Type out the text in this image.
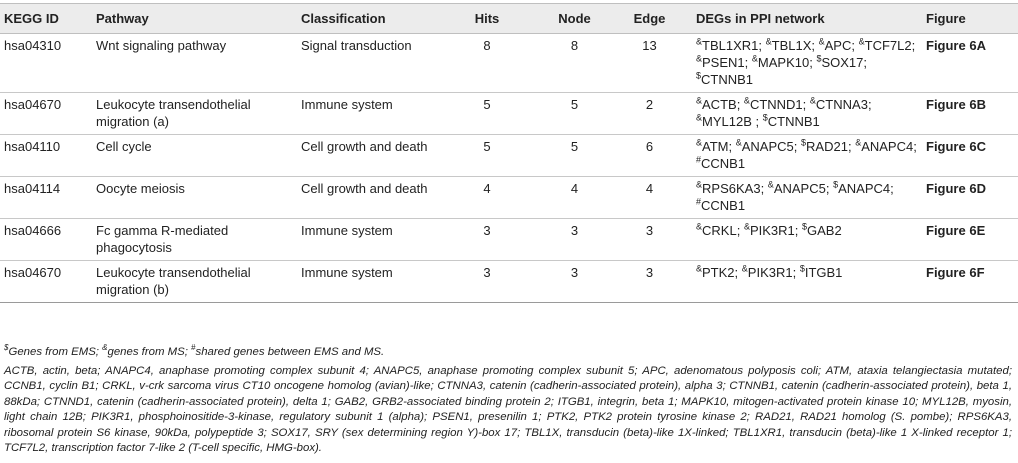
KEGG ID	Pathway	Classification	Hits	Node	Edge	DEGs in PPI network	Figure
hsa04310	Wnt signaling pathway	Signal transduction	8	8	13	&TBL1XR1; &TBL1X; &APC; &TCF7L2; &PSEN1; &MAPK10; $SOX17; $CTNNB1	Figure 6A
hsa04670	Leukocyte transendothelial migration (a)	Immune system	5	5	2	&ACTB; &CTNND1; &CTNNA3; &MYL12B ; $CTNNB1	Figure 6B
hsa04110	Cell cycle	Cell growth and death	5	5	6	&ATM; &ANAPC5; $RAD21; &ANAPC4; #CCNB1	Figure 6C
hsa04114	Oocyte meiosis	Cell growth and death	4	4	4	&RPS6KA3; &ANAPC5; $ANAPC4; #CCNB1	Figure 6D
hsa04666	Fc gamma R-mediated phagocytosis	Immune system	3	3	3	&CRKL; &PIK3R1; $GAB2	Figure 6E
hsa04670	Leukocyte transendothelial migration (b)	Immune system	3	3	3	&PTK2; &PIK3R1; $ITGB1	Figure 6F

$Genes from EMS; &genes from MS; #shared genes between EMS and MS.

ACTB, actin, beta; ANAPC4, anaphase promoting complex subunit 4; ANAPC5, anaphase promoting complex subunit 5; APC, adenomatous polyposis coli; ATM, ataxia telangiectasia mutated; CCNB1, cyclin B1; CRKL, v-crk sarcoma virus CT10 oncogene homolog (avian)-like; CTNNA3, catenin (cadherin-associated protein), alpha 3; CTNNB1, catenin (cadherin-associated protein), beta 1, 88kDa; CTNND1, catenin (cadherin-associated protein), delta 1; GAB2, GRB2-associated binding protein 2; ITGB1, integrin, beta 1; MAPK10, mitogen-activated protein kinase 10; MYL12B, myosin, light chain 12B; PIK3R1, phosphoinositide-3-kinase, regulatory subunit 1 (alpha); PSEN1, presenilin 1; PTK2, PTK2 protein tyrosine kinase 2; RAD21, RAD21 homolog (S. pombe); RPS6KA3, ribosomal protein S6 kinase, 90kDa, polypeptide 3; SOX17, SRY (sex determining region Y)-box 17; TBL1X, transducin (beta)-like 1X-linked; TBL1XR1, transducin (beta)-like 1 X-linked receptor 1; TCF7L2, transcription factor 7-like 2 (T-cell specific, HMG-box).
